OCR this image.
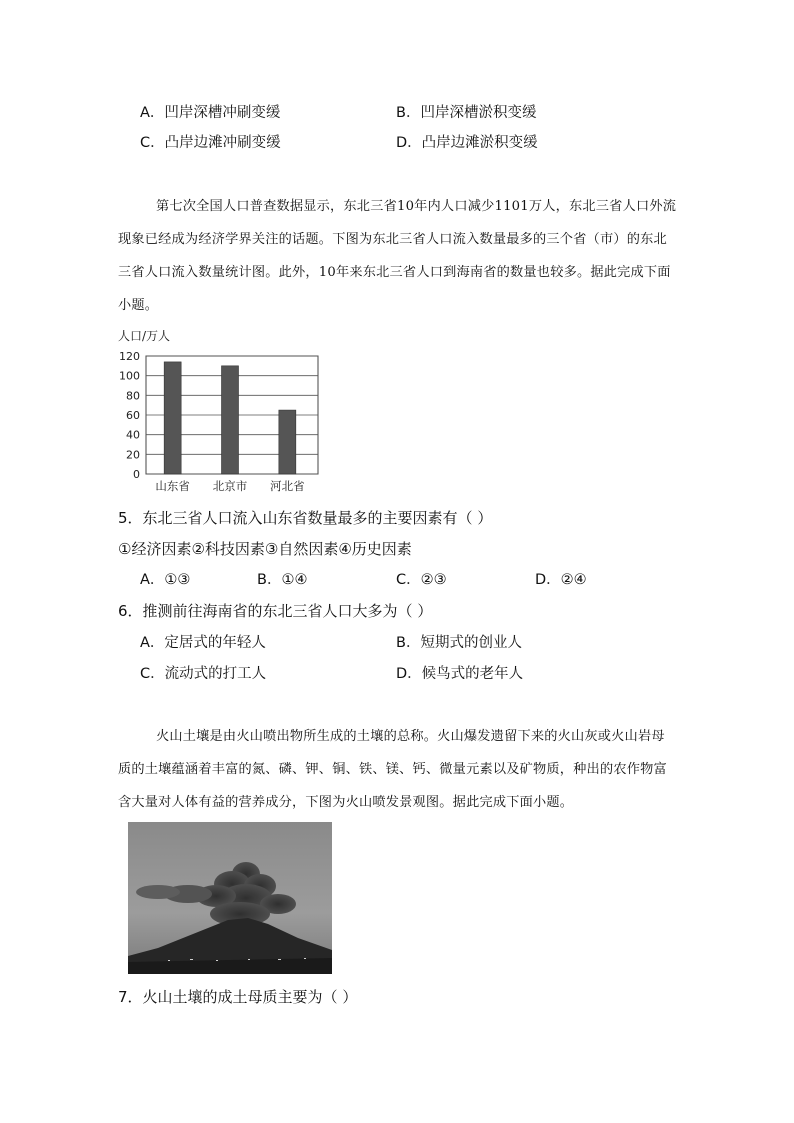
A．凹岸深槽冲刷变缓	B．凹岸深槽淤积变缓
C．凸岸边滩冲刷变缓	D．凸岸边滩淤积变缓
第七次全国人口普查数据显示，东北三省10年内人口减少1101万人，东北三省人口外流现象已经成为经济学界关注的话题。下图为东北三省人口流入数量最多的三个省（市）的东北三省人口流入数量统计图。此外，10年来东北三省人口到海南省的数量也较多。据此完成下面小题。
人口/万人
0
20
40
60
80
100
120
山东省 北京市 河北省
5．东北三省人口流入山东省数量最多的主要因素有（ ）
①经济因素②科技因素③自然因素④历史因素
A．①③	B．①④	C．②③	D．②④
6．推测前往海南省的东北三省人口大多为（ ）
A．定居式的年轻人	B．短期式的创业人
C．流动式的打工人	D．候鸟式的老年人
火山土壤是由火山喷出物所生成的土壤的总称。火山爆发遗留下来的火山灰或火山岩母质的土壤蕴涵着丰富的氮、磷、钾、铜、铁、镁、钙、微量元素以及矿物质，种出的农作物富含大量对人体有益的营养成分，下图为火山喷发景观图。据此完成下面小题。
7．火山土壤的成土母质主要为（ ）
